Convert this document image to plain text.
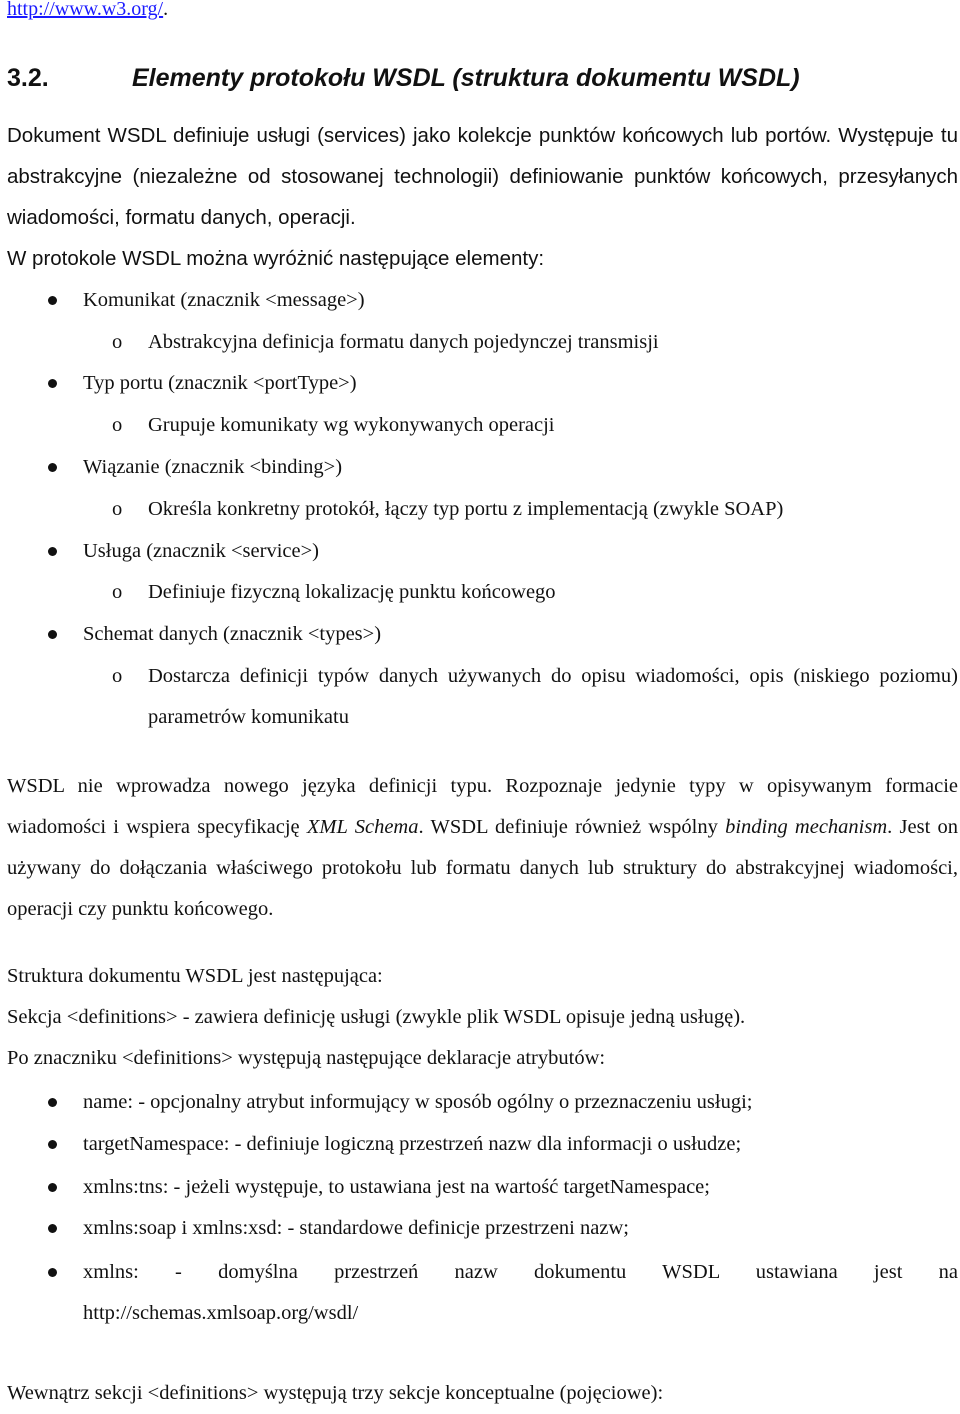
http://www.w3.org/.
3.2.	Elementy protokołu WSDL (struktura dokumentu WSDL)
Dokument WSDL definiuje usługi (services) jako kolekcje punktów końcowych lub portów. Występuje tu abstrakcyjne (niezależne od stosowanej technologii) definiowanie punktów końcowych, przesyłanych wiadomości, formatu danych, operacji.
W protokole WSDL można wyróżnić następujące elementy:
Komunikat (znacznik <message>)
o Abstrakcyjna definicja formatu danych pojedynczej transmisji
Typ portu (znacznik <portType>)
o Grupuje komunikaty wg wykonywanych operacji
Wiązanie (znacznik <binding>)
o Określa konkretny protokół, łączy typ portu z implementacją (zwykle SOAP)
Usługa (znacznik <service>)
o Definiuje fizyczną lokalizację punktu końcowego
Schemat danych (znacznik <types>)
o Dostarcza definicji typów danych używanych do opisu wiadomości, opis (niskiego poziomu) parametrów komunikatu
WSDL nie wprowadza nowego języka definicji typu. Rozpoznaje jedynie typy w opisywanym formacie wiadomości i wspiera specyfikację XML Schema. WSDL definiuje również wspólny binding mechanism. Jest on używany do dołączania właściwego protokołu lub formatu danych lub struktury do abstrakcyjnej wiadomości, operacji czy punktu końcowego.
Struktura dokumentu WSDL jest następująca:
Sekcja <definitions> - zawiera definicję usługi (zwykle plik WSDL opisuje jedną usługę).
Po znaczniku <definitions> występują następujące deklaracje atrybutów:
name: - opcjonalny atrybut informujący w sposób ogólny o przeznaczeniu usługi;
targetNamespace: - definiuje logiczną przestrzeń nazw dla informacji o usłudze;
xmlns:tns: - jeżeli występuje, to ustawiana jest na wartość targetNamespace;
xmlns:soap i xmlns:xsd: - standardowe definicje przestrzeni nazw;
xmlns: - domyślna przestrzeń nazw dokumentu WSDL ustawiana jest na
http://schemas.xmlsoap.org/wsdl/
Wewnątrz sekcji <definitions> występują trzy sekcje konceptualne (pojęciowe):
